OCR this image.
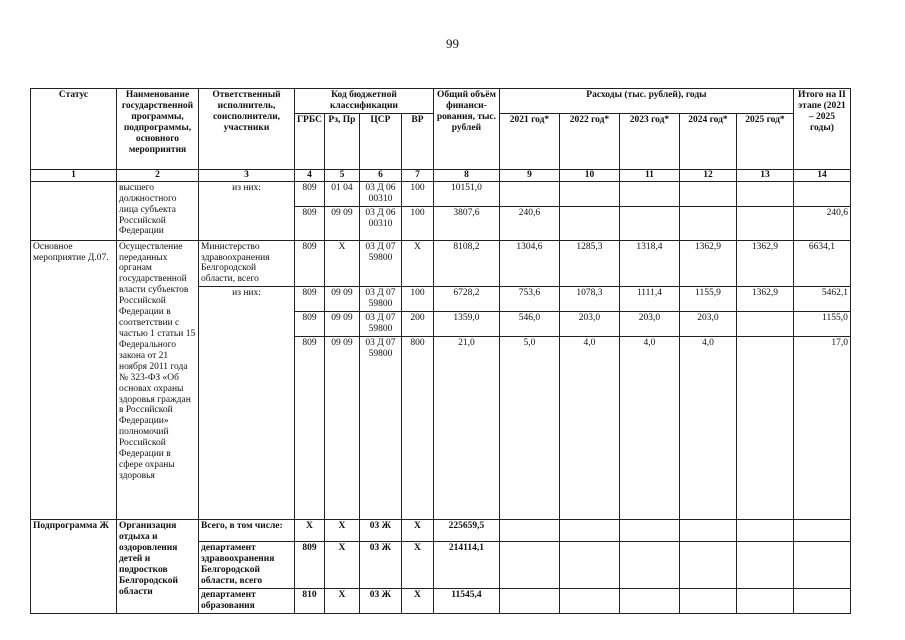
99
Статус	Наименование государственной программы, подпрограммы, основного мероприятия	Ответственный исполнитель, соисполнители, участники	Код бюджетной классификации				Общий объём финанси-рования, тыс. рублей	Расходы (тыс. рублей), годы					Итого на II этапе (2021 – 2025 годы)
			ГРБС	Рз, Пр	ЦСР	ВР		2021 год*	2022 год*	2023 год*	2024 год*	2025 год*	
1	2	3	4	5	6	7	8	9	10	11	12	13	14
	высшего должностного лица субъекта Российской Федерации	из них:	809	01 04	03 Д 06 00310	100	10151,0						
			809	09 09	03 Д 06 00310	100	3807,6	240,6					240,6
Основное мероприятие Д.07.	Осуществление переданных органам государственной власти субъектов Российской Федерации в соответствии с частью 1 статьи 15 Федерального закона от 21 ноября 2011 года № 323-ФЗ «Об основах охраны здоровья граждан в Российской Федерации» полномочий Российской Федерации в сфере охраны здоровья	Министерство здравоохранения Белгородской области, всего	809	Х	03 Д 07 59800	Х	8108,2	1304,6	1285,3	1318,4	1362,9	1362,9	6634,1
		из них:	809	09 09	03 Д 07 59800	100	6728,2	753,6	1078,3	1111,4	1155,9	1362,9	5462,1
			809	09 09	03 Д 07 59800	200	1359,0	546,0	203,0	203,0	203,0		1155,0
			809	09 09	03 Д 07 59800	800	21,0	5,0	4,0	4,0	4,0		17,0
Подпрограмма Ж	Организация отдыха и оздоровления детей и подростков Белгородской области	Всего, в том числе:	Х	Х	03 Ж	Х	225659,5						
		департамент здравоохранения Белгородской области, всего	809	Х	03 Ж	Х	214114,1						
		департамент образования	810	Х	03 Ж	Х	11545,4						
